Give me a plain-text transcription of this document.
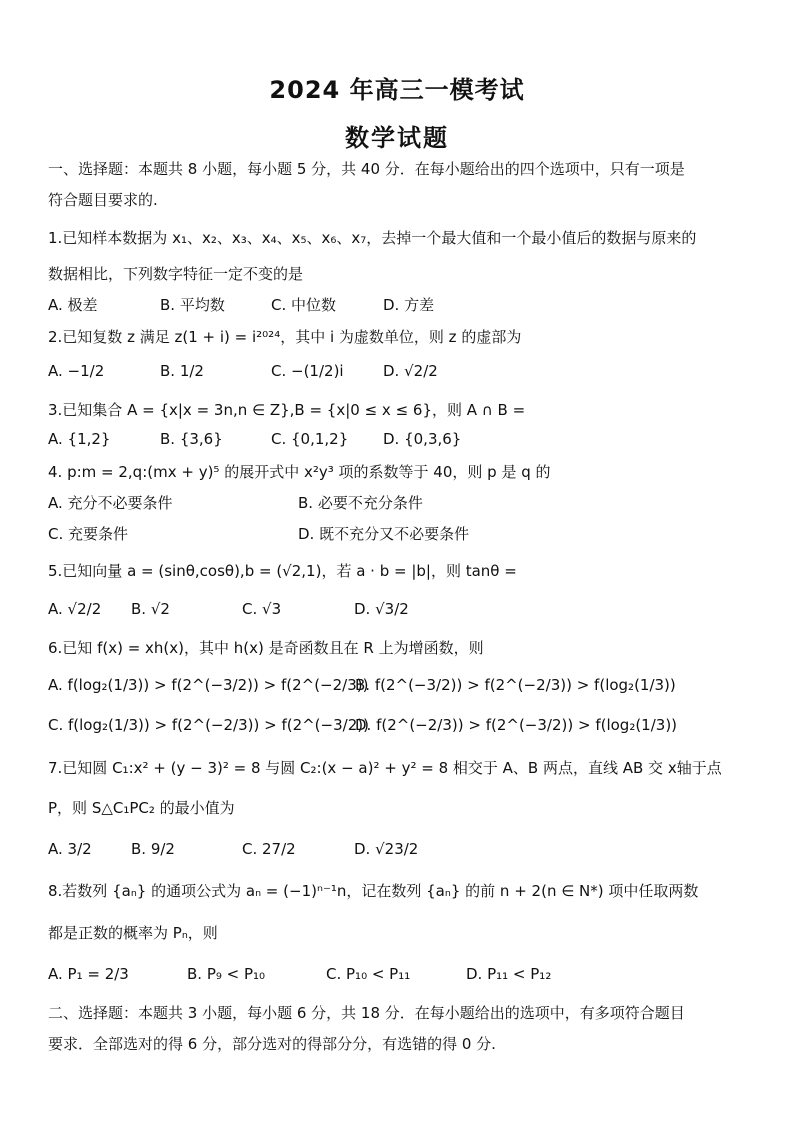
2024 年高三一模考试
数学试题
一、选择题：本题共 8 小题，每小题 5 分，共 40 分．在每小题给出的四个选项中，只有一项是
符合题目要求的.
1.已知样本数据为 x₁、x₂、x₃、x₄、x₅、x₆、x₇，去掉一个最大值和一个最小值后的数据与原来的
数据相比，下列数字特征一定不变的是
A. 极差	B. 平均数	C. 中位数	D. 方差
2.已知复数 z 满足 z(1 + i) = i²⁰²⁴，其中 i 为虚数单位，则 z 的虚部为
A. −1/2	B. 1/2	C. −(1/2)i	D. √2/2
3.已知集合 A = {x|x = 3n,n ∈ Z},B = {x|0 ≤ x ≤ 6}，则 A ∩ B =
A. {1,2}	B. {3,6}	C. {0,1,2} D. {0,3,6}
4. p:m = 2,q:(mx + y)⁵ 的展开式中 x²y³ 项的系数等于 40，则 p 是 q 的
A. 充分不必要条件	B. 必要不充分条件
C. 充要条件	D. 既不充分又不必要条件
5.已知向量 a = (sinθ,cosθ),b = (√2,1)，若 a · b = |b|，则 tanθ =
A. √2/2 B. √2	C. √3	D. √3/2
6.已知 f(x) = xh(x)，其中 h(x) 是奇函数且在 R 上为增函数，则
A. f(log₂(1/3)) > f(2^(−3/2)) > f(2^(−2/3))
B. f(2^(−3/2)) > f(2^(−2/3)) > f(log₂(1/3))
C. f(log₂(1/3)) > f(2^(−2/3)) > f(2^(−3/2))
D. f(2^(−2/3)) > f(2^(−3/2)) > f(log₂(1/3))
7.已知圆 C₁:x² + (y − 3)² = 8 与圆 C₂:(x − a)² + y² = 8 相交于 A、B 两点，直线 AB 交 x轴于点
P，则 S△C₁PC₂ 的最小值为
A. 3/2	B. 9/2	C. 27/2	D. √23/2
8.若数列 {aₙ} 的通项公式为 aₙ = (−1)ⁿ⁻¹n，记在数列 {aₙ} 的前 n + 2(n ∈ N*) 项中任取两数
都是正数的概率为 Pₙ，则
A. P₁ = 2/3	B. P₉ < P₁₀	C. P₁₀ < P₁₁	D. P₁₁ < P₁₂
二、选择题：本题共 3 小题，每小题 6 分，共 18 分．在每小题给出的选项中，有多项符合题目
要求．全部选对的得 6 分，部分选对的得部分分，有选错的得 0 分.
